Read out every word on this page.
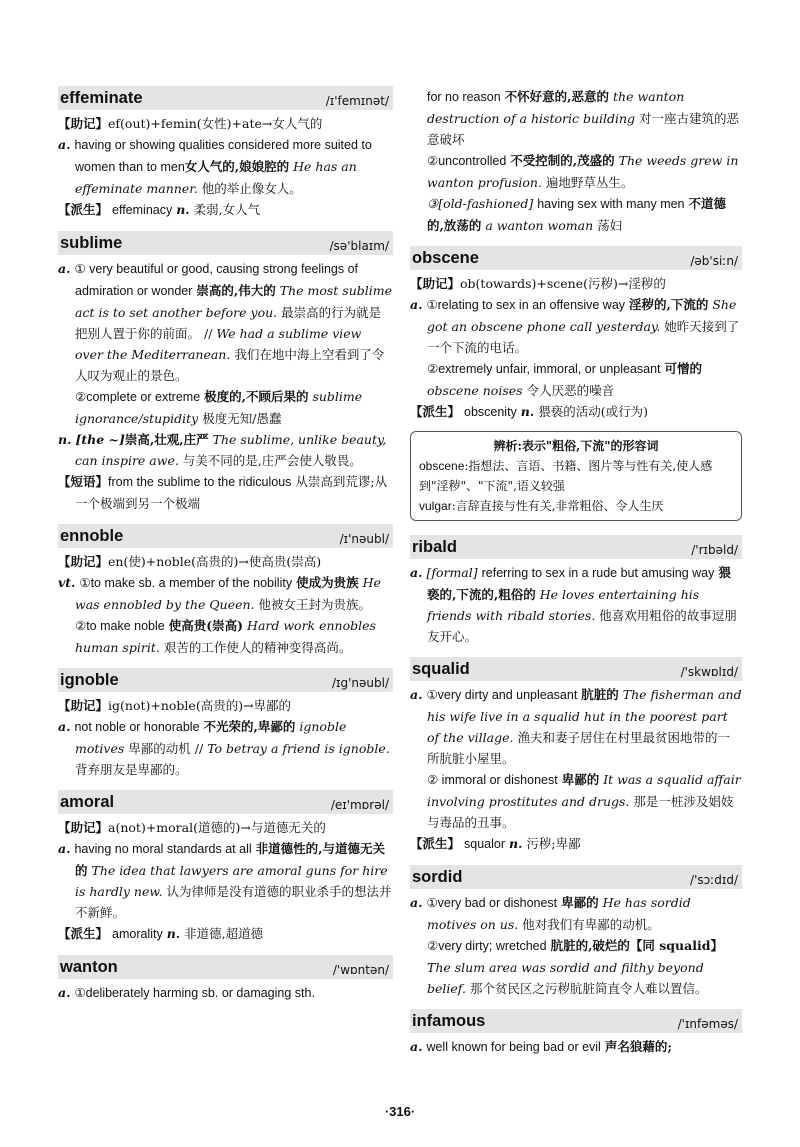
effeminate	/ɪ'femɪnət/
【助记】ef(out)+femin(女性)+ate→女人气的
a. having or showing qualities considered more suited to women than to men女人气的,娘娘腔的 He has an effeminate manner. 他的举止像女人。
【派生】 effeminacy n. 柔弱,女人气
sublime	/sə'blaɪm/
a. ① very beautiful or good, causing strong feelings of admiration or wonder 崇高的,伟大的 The most sublime act is to set another before you. 最崇高的行为就是把别人置于你的前面。 // We had a sublime view over the Mediterranean. 我们在地中海上空看到了令人叹为观止的景色。
②complete or extreme 极度的,不顾后果的 sublime ignorance/stupidity 极度无知/愚蠢
n. [the ~]崇高,壮观,庄严 The sublime, unlike beauty, can inspire awe. 与美不同的是,庄严会使人敬畏。
【短语】from the sublime to the ridiculous 从崇高到荒谬;从一个极端到另一个极端
ennoble	/ɪ'nəubl/
【助记】en(使)+noble(高贵的)→使高贵(崇高)
vt. ①to make sb. a member of the nobility 使成为贵族 He was ennobled by the Queen. 他被女王封为贵族。
②to make noble 使高贵(崇高) Hard work ennobles human spirit. 艰苦的工作使人的精神变得高尚。
ignoble	/ɪg'nəubl/
【助记】ig(not)+noble(高贵的)→卑鄙的
a. not noble or honorable 不光荣的,卑鄙的 ignoble motives 卑鄙的动机 // To betray a friend is ignoble. 背弃朋友是卑鄙的。
amoral	/eɪ'mɒrəl/
【助记】a(not)+moral(道德的)→与道德无关的
a. having no moral standards at all 非道德性的,与道德无关的 The idea that lawyers are amoral guns for hire is hardly new. 认为律师是没有道德的职业杀手的想法并不新鲜。
【派生】 amorality n. 非道德,超道德
wanton	/'wɒntən/
a. ①deliberately harming sb. or damaging sth.
for no reason 不怀好意的,恶意的 the wanton destruction of a historic building 对一座古建筑的恶意破坏
②uncontrolled 不受控制的,茂盛的 The weeds grew in wanton profusion. 遍地野草丛生。
③[old-fashioned] having sex with many men 不道德的,放荡的 a wanton woman 荡妇
obscene	/əb'siːn/
【助记】ob(towards)+scene(污秽)→淫秽的
a. ①relating to sex in an offensive way 淫秽的,下流的 She got an obscene phone call yesterday. 她昨天接到了一个下流的电话。
②extremely unfair, immoral, or unpleasant 可憎的 obscene noises 令人厌恶的噪音
【派生】 obscenity n. 猥亵的活动(或行为)
辨析:表示"粗俗,下流"的形容词
obscene:指想法、言语、书籍、图片等与性有关,使人感到"淫秽"、"下流",语义较强
vulgar:言辞直接与性有关,非常粗俗、令人生厌
ribald	/'rɪbəld/
a. [formal] referring to sex in a rude but amusing way 猥亵的,下流的,粗俗的 He loves entertaining his friends with ribald stories. 他喜欢用粗俗的故事逗朋友开心。
squalid	/'skwɒlɪd/
a. ①very dirty and unpleasant 肮脏的 The fisherman and his wife live in a squalid hut in the poorest part of the village. 渔夫和妻子居住在村里最贫困地带的一所肮脏小屋里。
② immoral or dishonest 卑鄙的 It was a squalid affair involving prostitutes and drugs. 那是一桩涉及娼妓与毒品的丑事。
【派生】 squalor n. 污秽;卑鄙
sordid	/'sɔːdɪd/
a. ①very bad or dishonest 卑鄙的 He has sordid motives on us. 他对我们有卑鄙的动机。
②very dirty; wretched 肮脏的,破烂的【同 squalid】 The slum area was sordid and filthy beyond belief. 那个贫民区之污秽肮脏简直令人难以置信。
infamous	/'ɪnfəməs/
a. well known for being bad or evil 声名狼藉的;
·316·
